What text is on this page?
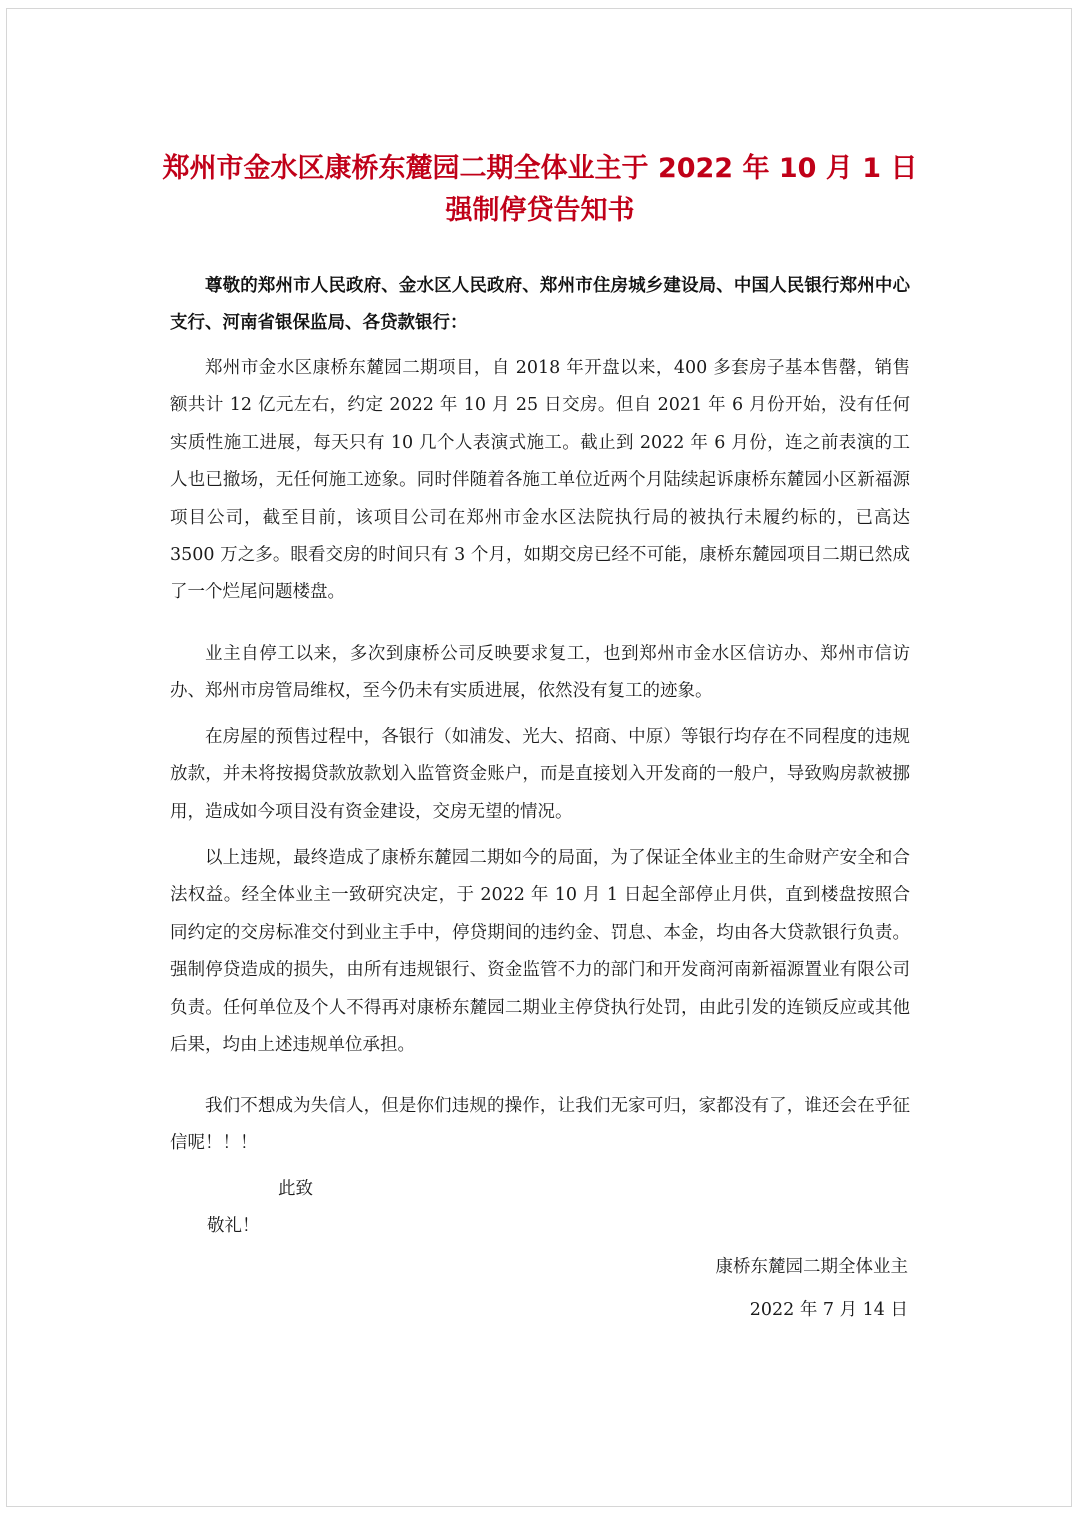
郑州市金水区康桥东麓园二期全体业主于 2022 年 10 月 1 日
强制停贷告知书

尊敬的郑州市人民政府、金水区人民政府、郑州市住房城乡建设局、中国人民银行郑州中心支行、河南省银保监局、各贷款银行：

郑州市金水区康桥东麓园二期项目，自 2018 年开盘以来，400 多套房子基本售罄，销售额共计 12 亿元左右，约定 2022 年 10 月 25 日交房。但自 2021 年 6 月份开始，没有任何实质性施工进展，每天只有 10 几个人表演式施工。截止到 2022 年 6 月份，连之前表演的工人也已撤场，无任何施工迹象。同时伴随着各施工单位近两个月陆续起诉康桥东麓园小区新福源项目公司，截至目前，该项目公司在郑州市金水区法院执行局的被执行未履约标的，已高达 3500 万之多。眼看交房的时间只有 3 个月，如期交房已经不可能，康桥东麓园项目二期已然成了一个烂尾问题楼盘。

业主自停工以来，多次到康桥公司反映要求复工，也到郑州市金水区信访办、郑州市信访办、郑州市房管局维权，至今仍未有实质进展，依然没有复工的迹象。

在房屋的预售过程中，各银行（如浦发、光大、招商、中原）等银行均存在不同程度的违规放款，并未将按揭贷款放款划入监管资金账户，而是直接划入开发商的一般户，导致购房款被挪用，造成如今项目没有资金建设，交房无望的情况。

以上违规，最终造成了康桥东麓园二期如今的局面，为了保证全体业主的生命财产安全和合法权益。经全体业主一致研究决定，于 2022 年 10 月 1 日起全部停止月供，直到楼盘按照合同约定的交房标准交付到业主手中，停贷期间的违约金、罚息、本金，均由各大贷款银行负责。强制停贷造成的损失，由所有违规银行、资金监管不力的部门和开发商河南新福源置业有限公司负责。任何单位及个人不得再对康桥东麓园二期业主停贷执行处罚，由此引发的连锁反应或其他后果，均由上述违规单位承担。

我们不想成为失信人，但是你们违规的操作，让我们无家可归，家都没有了，谁还会在乎征信呢！！！

此致
敬礼！
康桥东麓园二期全体业主
2022 年 7 月 14 日
